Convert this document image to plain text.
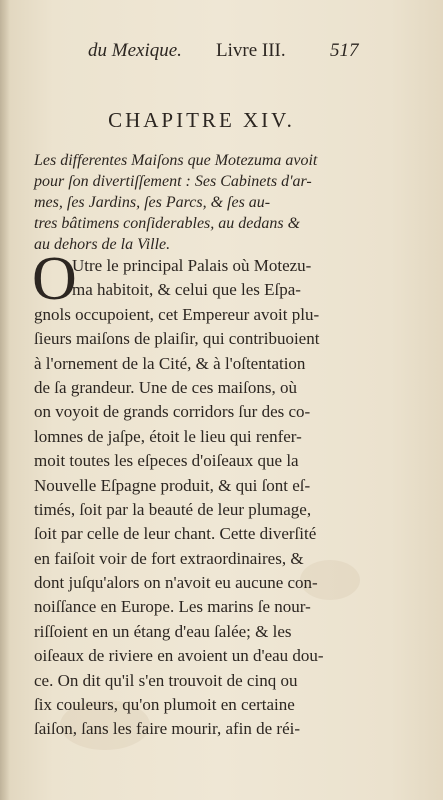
du Mexique. Livre III. 517
CHAPITRE XIV.
Les differentes Maiſons que Motezuma avoit
pour ſon divertiſſement : Ses Cabinets d'ar-
mes, ſes Jardins, ſes Parcs, & ſes au-
tres bâtimens conſiderables, au dedans &
au dehors de la Ville.
O
Utre le principal Palais où Motezu-
ma habitoit, & celui que les Eſpa-
gnols occupoient, cet Empereur avoit plu-
ſieurs maiſons de plaiſir, qui contribuoient
à l'ornement de la Cité, & à l'oſtentation
de ſa grandeur. Une de ces maiſons, où
on voyoit de grands corridors ſur des co-
lomnes de jaſpe, étoit le lieu qui renfer-
moit toutes les eſpeces d'oiſeaux que la
Nouvelle Eſpagne produit, & qui ſont eſ-
timés, ſoit par la beauté de leur plumage,
ſoit par celle de leur chant. Cette diverſité
en faiſoit voir de fort extraordinaires, &
dont juſqu'alors on n'avoit eu aucune con-
noiſſance en Europe. Les marins ſe nour-
riſſoient en un étang d'eau ſalée; & les
oiſeaux de riviere en avoient un d'eau dou-
ce. On dit qu'il s'en trouvoit de cinq ou
ſix couleurs, qu'on plumoit en certaine
ſaiſon, ſans les faire mourir, afin de réi-
